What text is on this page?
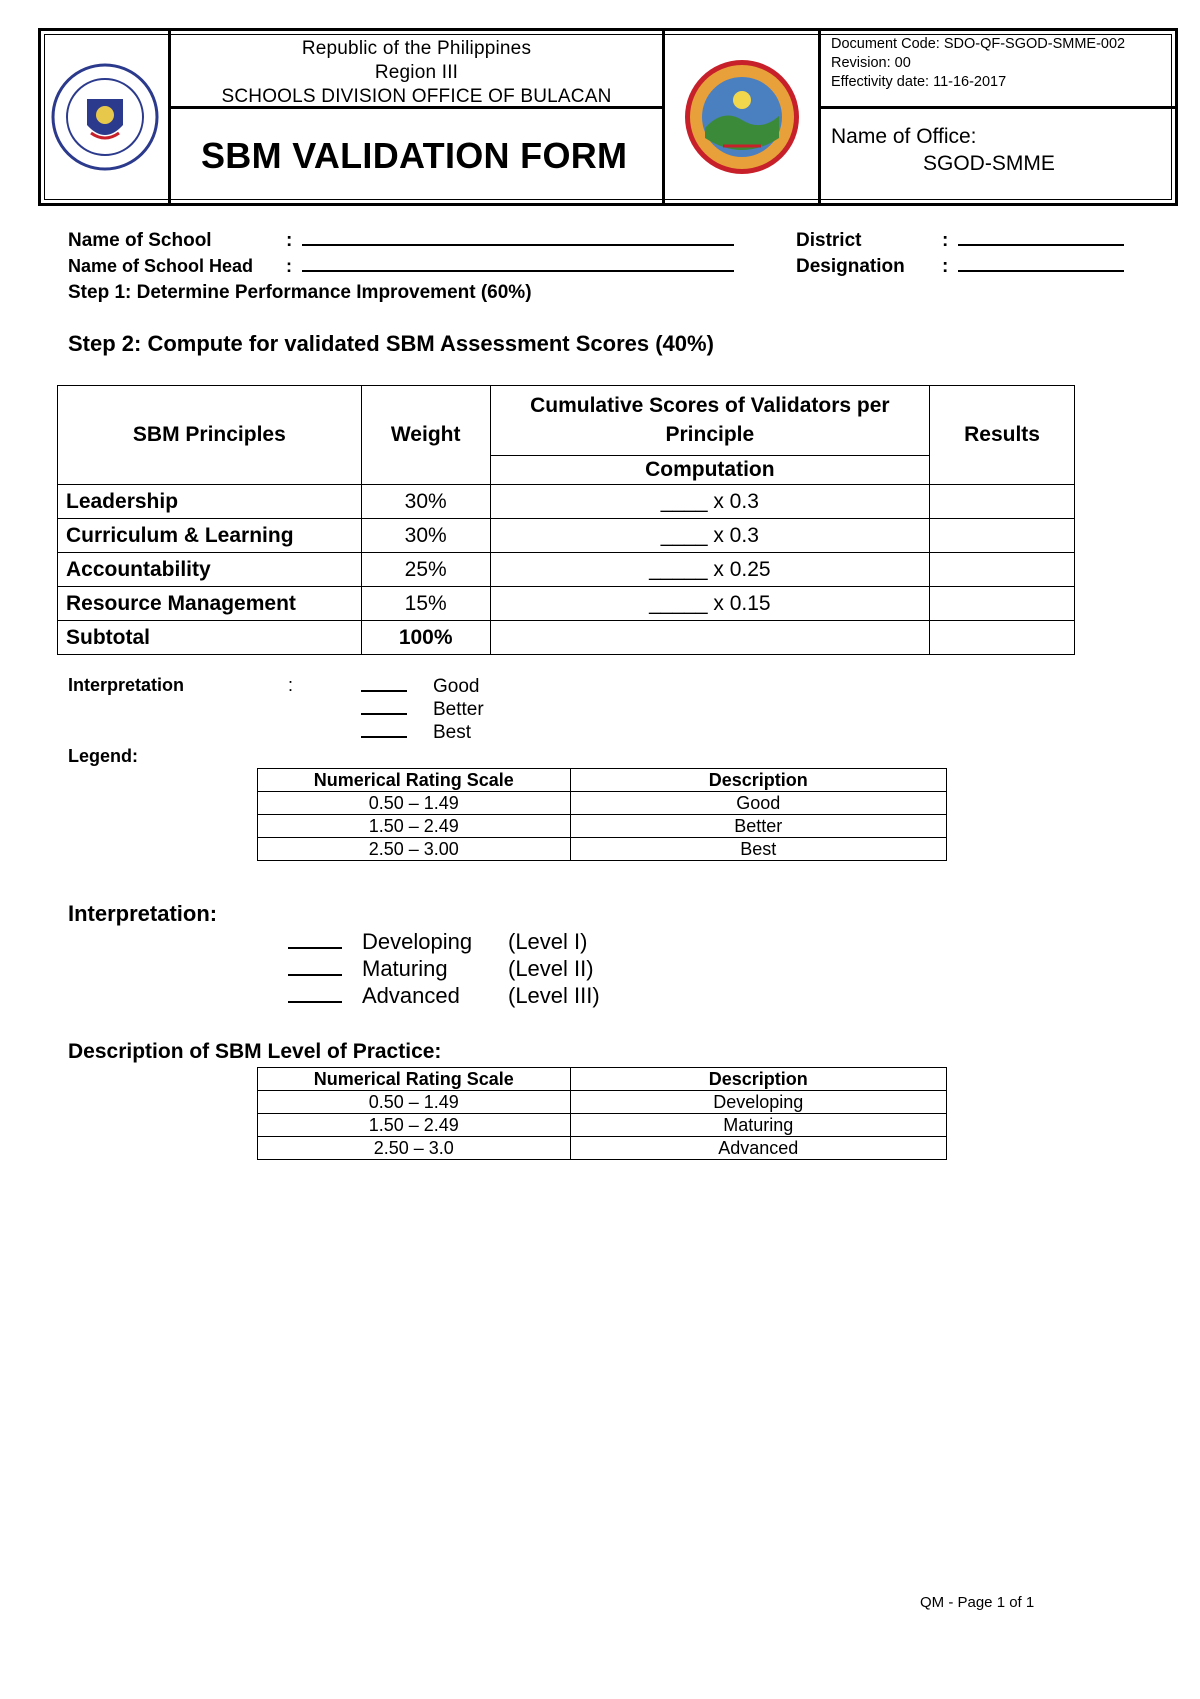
Republic of the Philippines
Region III
SCHOOLS DIVISION OFFICE OF BULACAN
SBM VALIDATION FORM
Document Code: SDO-QF-SGOD-SMME-002
Revision: 00
Effectivity date: 11-16-2017
Name of Office:
SGOD-SMME
Name of School	:
Name of School Head :
District	:
Designation :
Step 1: Determine Performance Improvement (60%)
Step 2: Compute for validated SBM Assessment Scores (40%)
SBM Principles	Weight	Cumulative Scores of Validators per Principle	Results
		Computation	
Leadership	30%	____ x 0.3	
Curriculum & Learning	30%	____ x 0.3	
Accountability	25%	_____ x 0.25	
Resource Management	15%	_____ x 0.15	
Subtotal	100%		
Interpretation	:	Good
Better
Best
Legend:
Numerical Rating Scale	Description
0.50 – 1.49	Good
1.50 – 2.49	Better
2.50 – 3.00	Best
Interpretation:
Developing (Level I)
Maturing	(Level II)
Advanced (Level III)
Description of SBM Level of Practice:
Numerical Rating Scale	Description
0.50 – 1.49	Developing
1.50 – 2.49	Maturing
2.50 – 3.0	Advanced
QM - Page 1 of 1
